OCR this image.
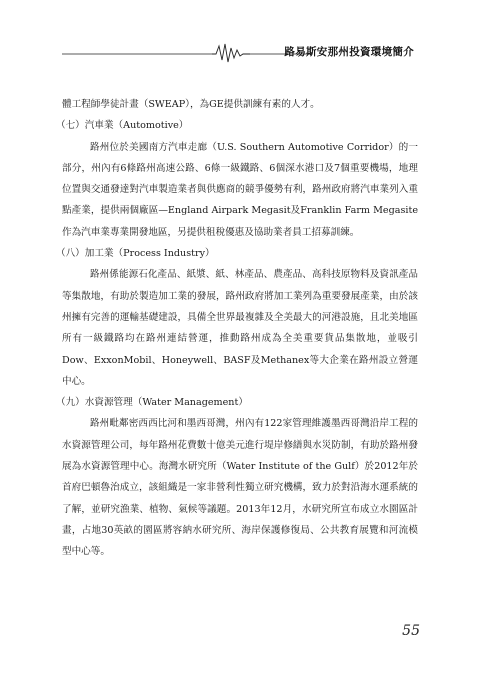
路易斯安那州投資環境簡介

體工程師學徒計畫（SWEAP），為GE提供訓練有素的人才。

（七）汽車業（Automotive）

路州位於美國南方汽車走廊（U.S. Southern Automotive Corridor）的一部分，州內有6條路州高速公路、6條一級鐵路、6個深水港口及7個重要機場，地理位置與交通發達對汽車製造業者與供應商的競爭優勢有利，路州政府將汽車業列入重點產業，提供兩個廠區—England Airpark Megasit及Franklin Farm Megasite作為汽車業專業開發地區，另提供租稅優惠及協助業者員工招募訓練。

（八）加工業（Process Industry）

路州係能源石化產品、紙漿、紙、林產品、農產品、高科技原物料及資訊產品等集散地，有助於製造加工業的發展，路州政府將加工業列為重要發展產業，由於該州擁有完善的運輸基礎建設，具備全世界最複雜及全美最大的河港設施，且北美地區所有一級鐵路均在路州連結營運，推動路州成為全美重要貨品集散地，並吸引Dow、ExxonMobil、Honeywell、BASF及Methanex等大企業在路州設立營運中心。

（九）水資源管理（Water Management）

路州毗鄰密西西比河和墨西哥灣，州內有122家管理維護墨西哥灣沿岸工程的水資源管理公司，每年路州花費數十億美元進行堤岸修繕與水災防制，有助於路州發展為水資源管理中心。海灣水研究所（Water Institute of the Gulf）於2012年於首府巴頓魯治成立，該組織是一家非營利性獨立研究機構，致力於對沿海水運系統的了解，並研究漁業、植物、氣候等議題。2013年12月，水研究所宣布成立水園區計畫，占地30英畝的園區將容納水研究所、海岸保護修復局、公共教育展覽和河流模型中心等。

55
